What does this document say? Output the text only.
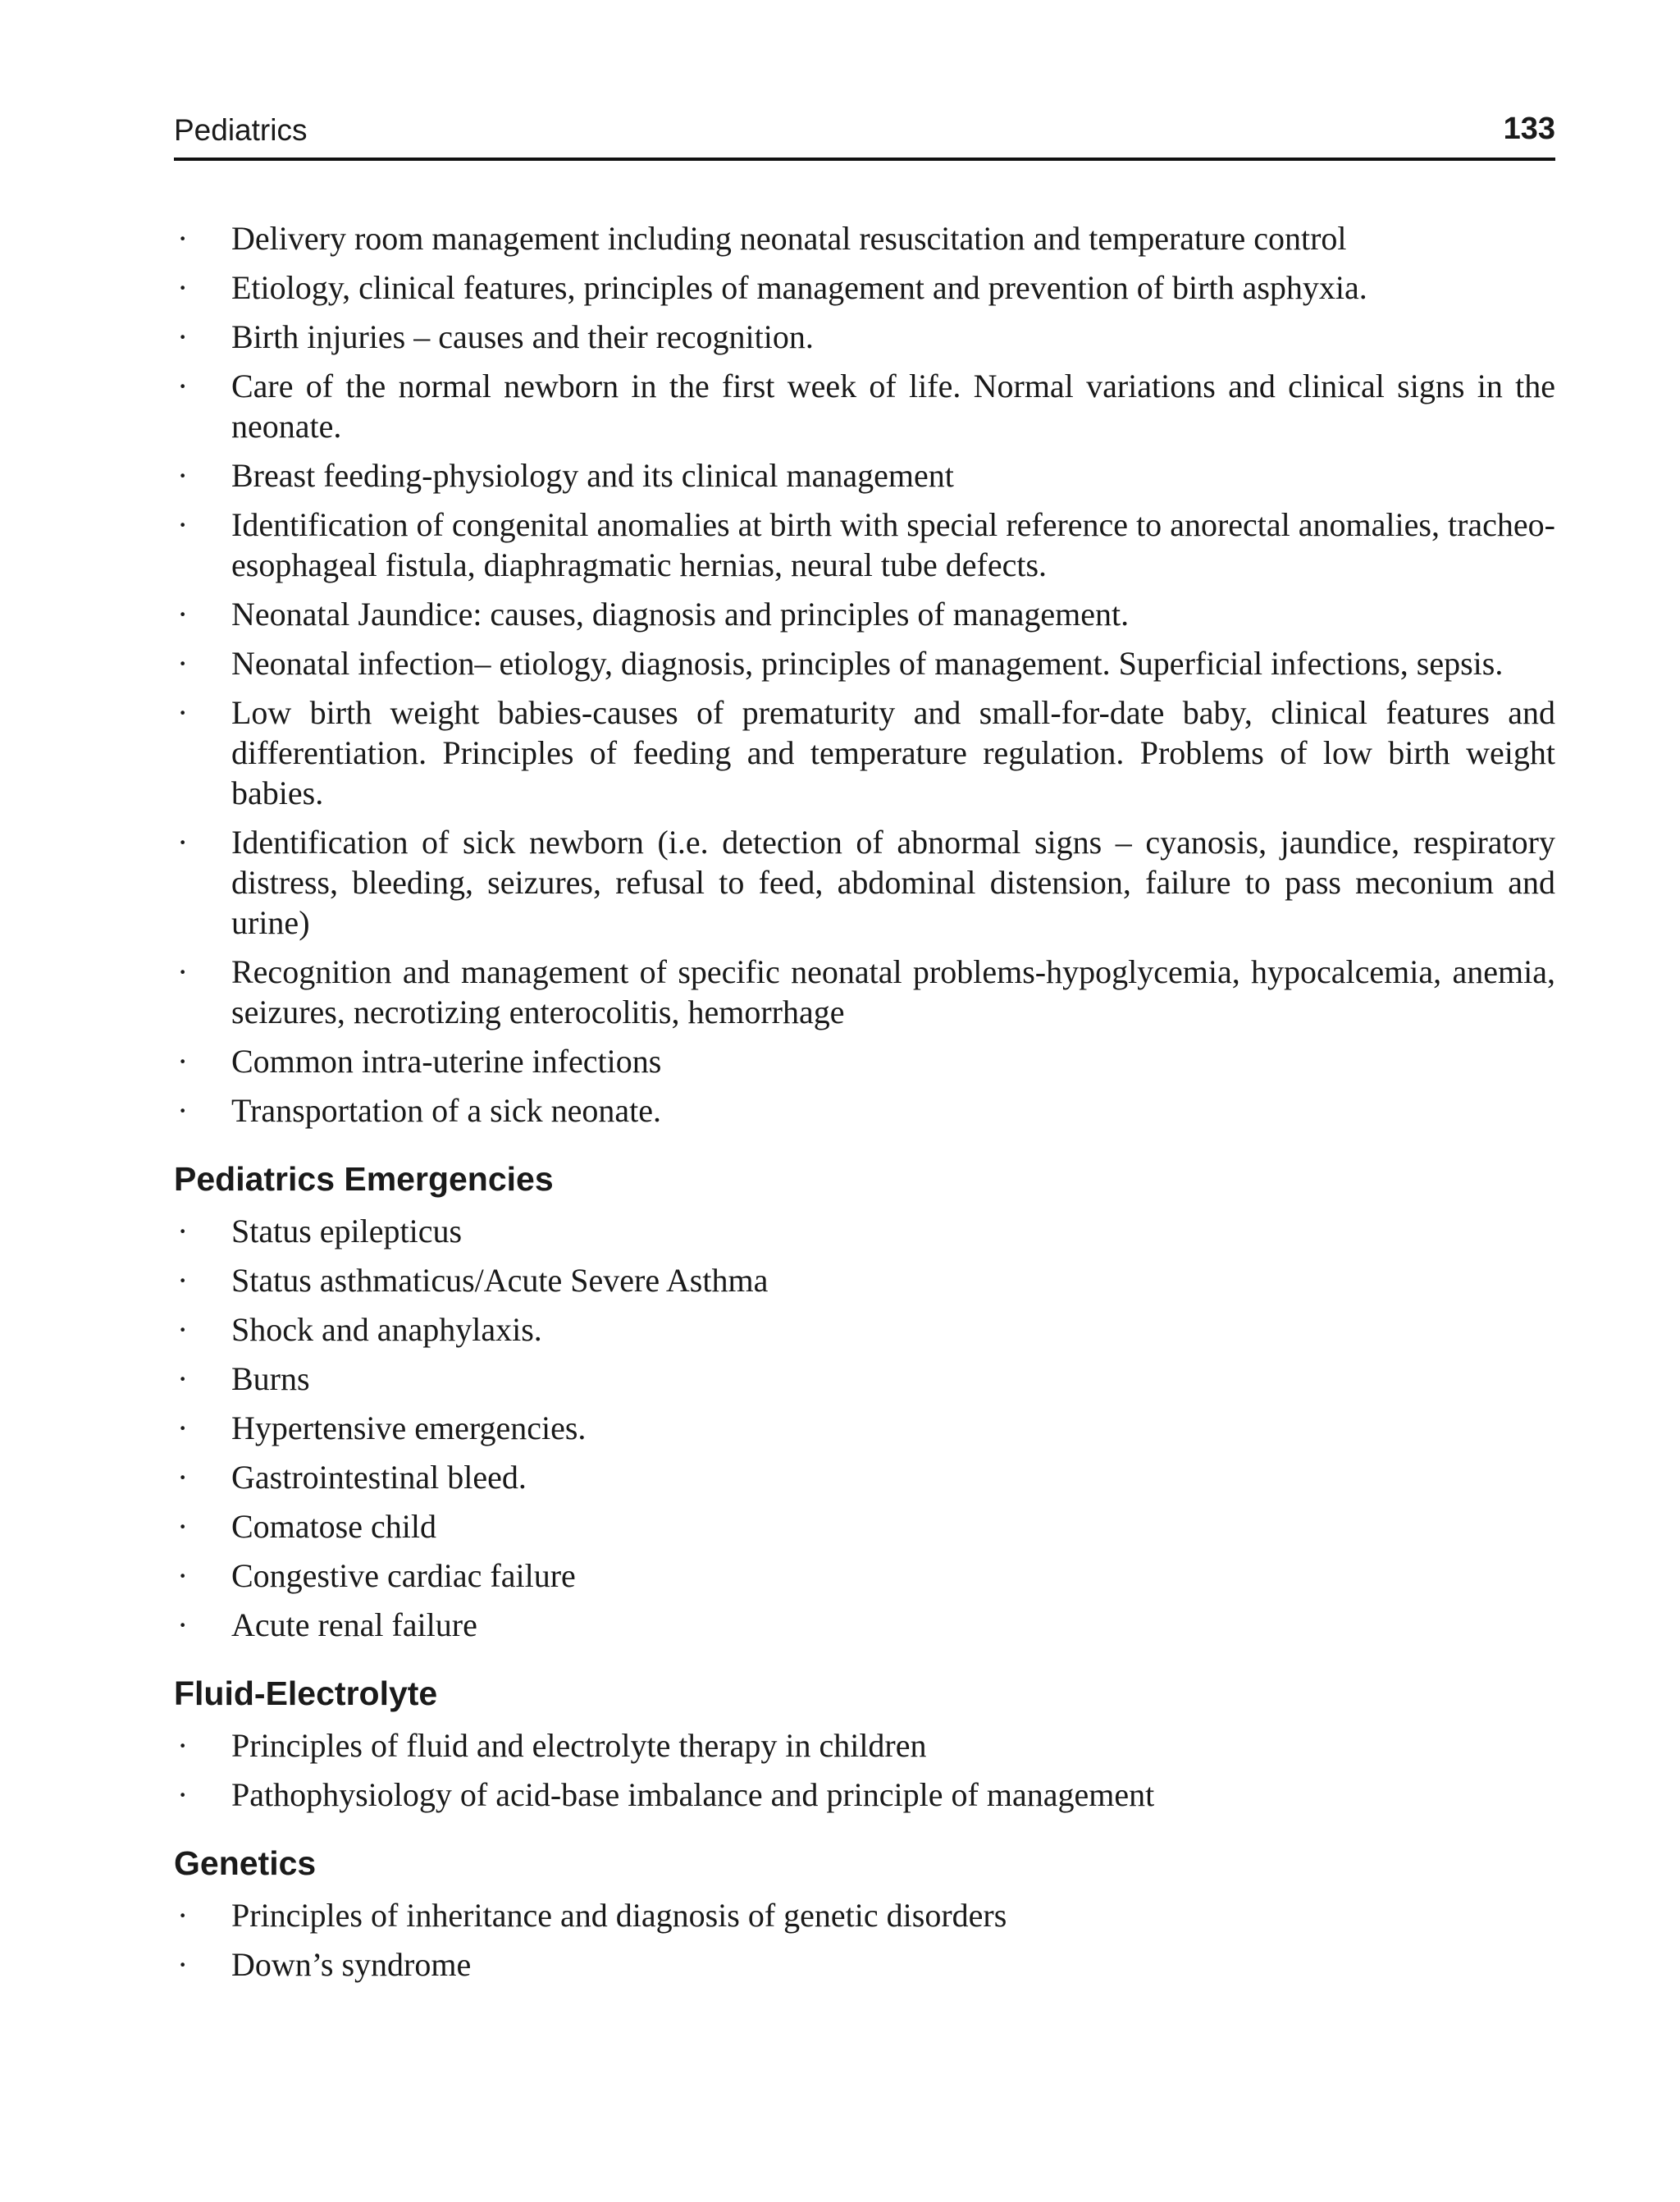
Pediatrics	133
· Delivery room management including neonatal resuscitation and temperature control
· Etiology, clinical features, principles of management and prevention of birth asphyxia.
· Birth injuries – causes and their recognition.
· Care of the normal newborn in the first week of life. Normal variations and clinical signs in the neonate.
· Breast feeding-physiology and its clinical management
· Identification of congenital anomalies at birth with special reference to anorectal anomalies, tracheo-esophageal fistula, diaphragmatic hernias, neural tube defects.
· Neonatal Jaundice: causes, diagnosis and principles of management.
· Neonatal infection– etiology, diagnosis, principles of management. Superficial infections, sepsis.
· Low birth weight babies-causes of prematurity and small-for-date baby, clinical features and differentiation. Principles of feeding and temperature regulation. Problems of low birth weight babies.
· Identification of sick newborn (i.e. detection of abnormal signs – cyanosis, jaundice, respiratory distress, bleeding, seizures, refusal to feed, abdominal distension, failure to pass meconium and urine)
· Recognition and management of specific neonatal problems-hypoglycemia, hypocalcemia, anemia, seizures, necrotizing enterocolitis, hemorrhage
· Common intra-uterine infections
· Transportation of a sick neonate.
Pediatrics Emergencies
· Status epilepticus
· Status asthmaticus/Acute Severe Asthma
· Shock and anaphylaxis.
· Burns
· Hypertensive emergencies.
· Gastrointestinal bleed.
· Comatose child
· Congestive cardiac failure
· Acute renal failure
Fluid-Electrolyte
· Principles of fluid and electrolyte therapy in children
· Pathophysiology of acid-base imbalance and principle of management
Genetics
· Principles of inheritance and diagnosis of genetic disorders
· Down’s syndrome
